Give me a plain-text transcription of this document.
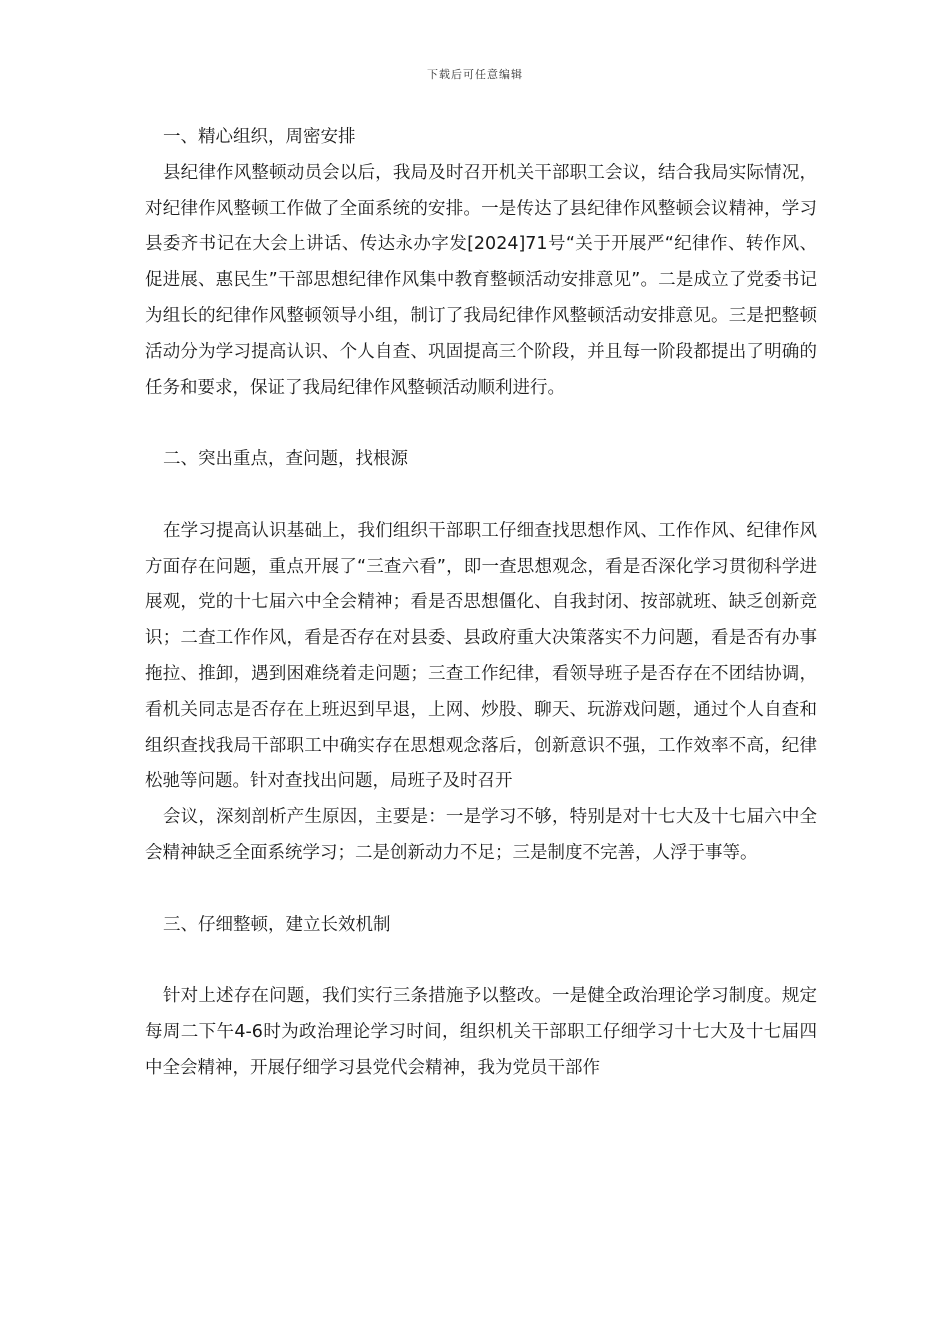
下载后可任意编辑

一、精心组织，周密安排

县纪律作风整顿动员会以后，我局及时召开机关干部职工会议，结合我局实际情况，对纪律作风整顿工作做了全面系统的安排。一是传达了县纪律作风整顿会议精神，学习县委齐书记在大会上讲话、传达永办字发[2024]71号“关于开展严“纪律作、转作风、促进展、惠民生”干部思想纪律作风集中教育整顿活动安排意见”。二是成立了党委书记为组长的纪律作风整顿领导小组，制订了我局纪律作风整顿活动安排意见。三是把整顿活动分为学习提高认识、个人自查、巩固提高三个阶段，并且每一阶段都提出了明确的任务和要求，保证了我局纪律作风整顿活动顺利进行。

二、突出重点，查问题，找根源

在学习提高认识基础上，我们组织干部职工仔细查找思想作风、工作作风、纪律作风方面存在问题，重点开展了“三查六看”，即一查思想观念，看是否深化学习贯彻科学进展观，党的十七届六中全会精神；看是否思想僵化、自我封闭、按部就班、缺乏创新竞识；二查工作作风，看是否存在对县委、县政府重大决策落实不力问题，看是否有办事拖拉、推卸，遇到困难绕着走问题；三查工作纪律，看领导班子是否存在不团结协调，看机关同志是否存在上班迟到早退，上网、炒股、聊天、玩游戏问题，通过个人自查和组织查找我局干部职工中确实存在思想观念落后，创新意识不强，工作效率不高，纪律松驰等问题。针对查找出问题，局班子及时召开

会议，深刻剖析产生原因，主要是：一是学习不够，特别是对十七大及十七届六中全会精神缺乏全面系统学习；二是创新动力不足；三是制度不完善，人浮于事等。

三、仔细整顿，建立长效机制

针对上述存在问题，我们实行三条措施予以整改。一是健全政治理论学习制度。规定每周二下午4-6时为政治理论学习时间，组织机关干部职工仔细学习十七大及十七届四中全会精神，开展仔细学习县党代会精神，我为党员干部作
